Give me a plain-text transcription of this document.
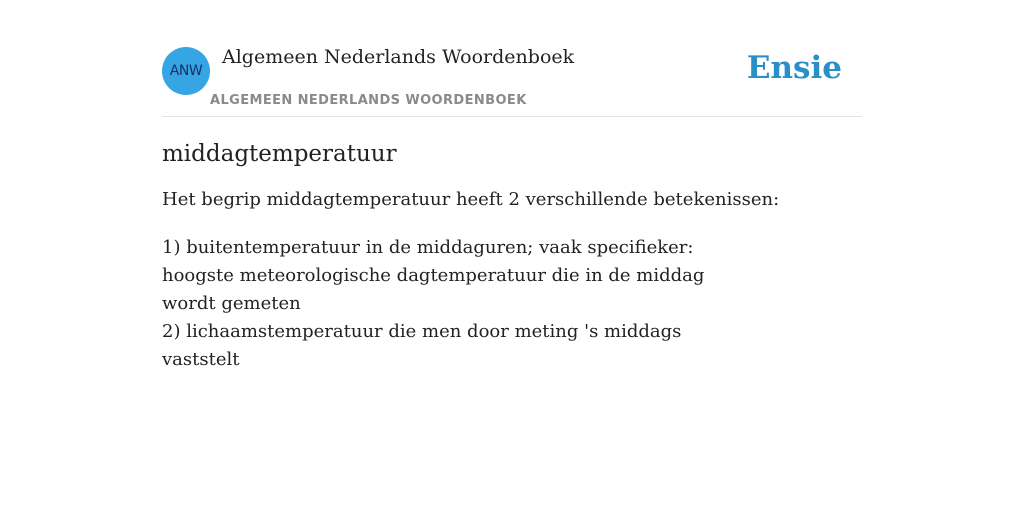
ANW
Algemeen Nederlands Woordenboek
ALGEMEEN NEDERLANDS WOORDENBOEK
Ensie
middagtemperatuur

Het begrip middagtemperatuur heeft 2 verschillende betekenissen:

1) buitentemperatuur in de middaguren; vaak specifieker: hoogste meteorologische dagtemperatuur die in de middag wordt gemeten
2) lichaamstemperatuur die men door meting 's middags vaststelt
